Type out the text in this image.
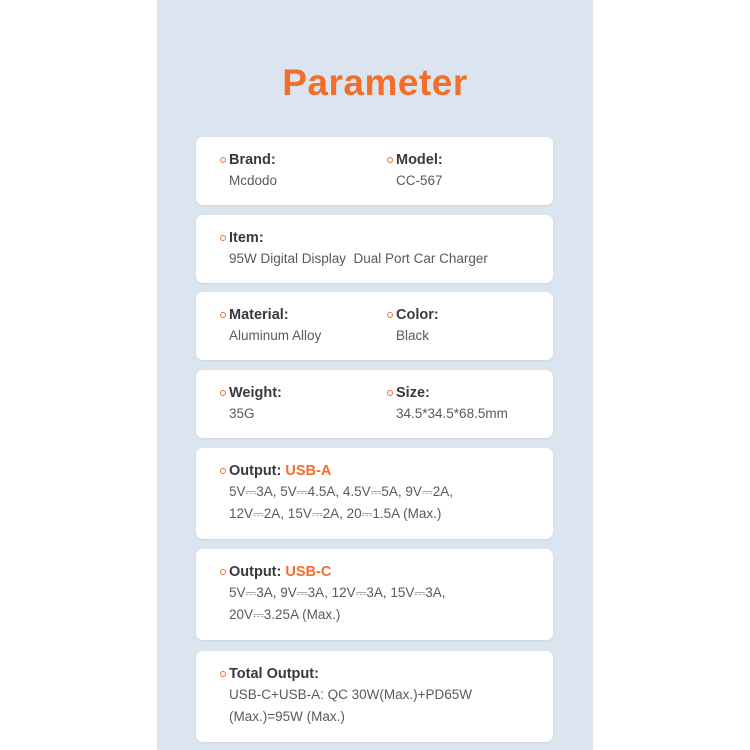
Parameter
Brand:
Mcdodo
Model:
CC-567
Item:
95W Digital Display  Dual Port Car Charger
Material:
Aluminum Alloy
Color:
Black
Weight:
35G
Size:
34.5*34.5*68.5mm
Output: USB-A
5V⎓3A, 5V⎓4.5A, 4.5V⎓5A, 9V⎓2A,
12V⎓2A, 15V⎓2A, 20⎓1.5A (Max.)
Output: USB-C
5V⎓3A, 9V⎓3A, 12V⎓3A, 15V⎓3A,
20V⎓3.25A (Max.)
Total Output:
USB-C+USB-A: QC 30W(Max.)+PD65W
(Max.)=95W (Max.)
